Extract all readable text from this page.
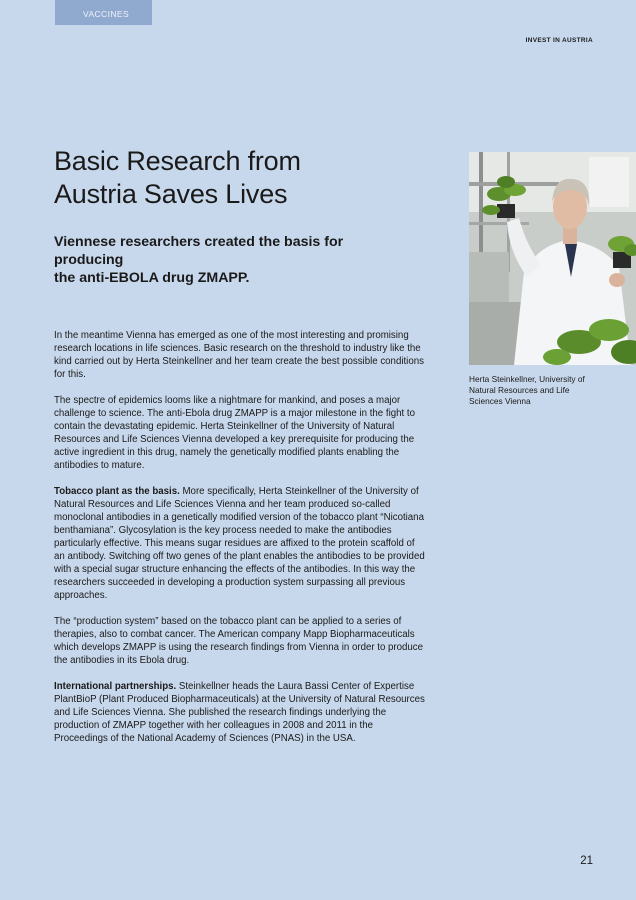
VACCINES
INVEST IN AUSTRIA
Basic Research from
Austria Saves Lives
Viennese researchers created the basis for producing
the anti-EBOLA drug ZMAPP.

In the meantime Vienna has emerged as one of the most interesting and promising research locations in life sciences. Basic research on the threshold to industry like the kind carried out by Herta Steinkellner and her team create the best possible conditions for this.

The spectre of epidemics looms like a nightmare for mankind, and poses a major challenge to science. The anti-Ebola drug ZMAPP is a major milestone in the fight to contain the devastating epidemic. Herta Steinkellner of the University of Natural Resources and Life Sciences Vienna developed a key prerequisite for producing the active ingredient in this drug, namely the genetically modified plants enabling the antibodies to mature.

Tobacco plant as the basis. More specifically, Herta Steinkellner of the University of Natural Resources and Life Sciences Vienna and her team produced so-called monoclonal antibodies in a genetically modified version of the tobacco plant “Nicotiana benthamiana”. Glycosylation is the key process needed to make the antibodies particularly effective. This means sugar residues are affixed to the protein scaffold of an antibody. Switching off two genes of the plant enables the antibodies to be provided with a special sugar structure enhancing the effects of the antibodies. In this way the researchers succeeded in developing a production system surpassing all previous approaches.

The “production system” based on the tobacco plant can be applied to a series of therapies, also to combat cancer. The American company Mapp Biopharmaceuticals which develops ZMAPP is using the research findings from Vienna in order to produce the antibodies in its Ebola drug.

International partnerships. Steinkellner heads the Laura Bassi Center of Expertise PlantBioP (Plant Produced Biopharmaceuticals) at the University of Natural Resources and Life Sciences Vienna. She published the research findings underlying the production of ZMAPP together with her colleagues in 2008 and 2011 in the Proceedings of the National Academy of Sciences (PNAS) in the USA.

Herta Steinkellner, University of Natural Resources and Life Sciences Vienna
21
